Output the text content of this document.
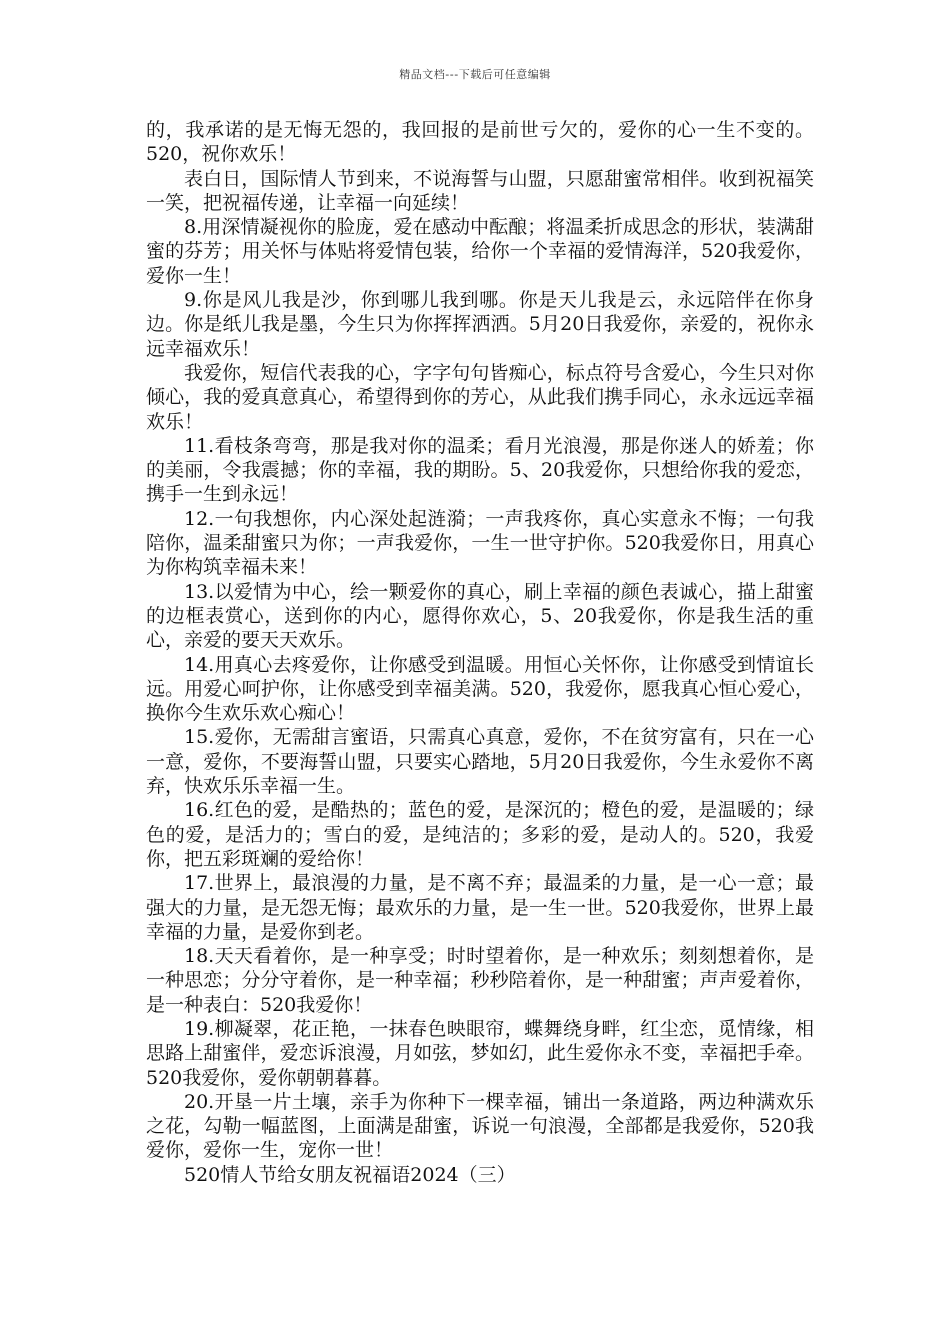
精品文档---下载后可任意编辑

的，我承诺的是无悔无怨的，我回报的是前世亏欠的，爱你的心一生不变的。520，祝你欢乐！

表白日，国际情人节到来，不说海誓与山盟，只愿甜蜜常相伴。收到祝福笑一笑，把祝福传递，让幸福一向延续！

8.用深情凝视你的脸庞，爱在感动中酝酿；将温柔折成思念的形状，装满甜蜜的芬芳；用关怀与体贴将爱情包装，给你一个幸福的爱情海洋，520我爱你，爱你一生！

9.你是风儿我是沙，你到哪儿我到哪。你是天儿我是云，永远陪伴在你身边。你是纸儿我是墨，今生只为你挥挥洒洒。5月20日我爱你，亲爱的，祝你永远幸福欢乐！

我爱你，短信代表我的心，字字句句皆痴心，标点符号含爱心，今生只对你倾心，我的爱真意真心，希望得到你的芳心，从此我们携手同心，永永远远幸福欢乐！

11.看枝条弯弯，那是我对你的温柔；看月光浪漫，那是你迷人的娇羞；你的美丽，令我震撼；你的幸福，我的期盼。5、20我爱你，只想给你我的爱恋，携手一生到永远！

12.一句我想你，内心深处起涟漪；一声我疼你，真心实意永不悔；一句我陪你，温柔甜蜜只为你；一声我爱你，一生一世守护你。520我爱你日，用真心为你构筑幸福未来！

13.以爱情为中心，绘一颗爱你的真心，刷上幸福的颜色表诚心，描上甜蜜的边框表赏心，送到你的内心，愿得你欢心，5、20我爱你，你是我生活的重心，亲爱的要天天欢乐。

14.用真心去疼爱你，让你感受到温暖。用恒心关怀你，让你感受到情谊长远。用爱心呵护你，让你感受到幸福美满。520，我爱你，愿我真心恒心爱心，换你今生欢乐欢心痴心！

15.爱你，无需甜言蜜语，只需真心真意，爱你，不在贫穷富有，只在一心一意，爱你，不要海誓山盟，只要实心踏地，5月20日我爱你，今生永爱你不离弃，快欢乐乐幸福一生。

16.红色的爱，是酷热的；蓝色的爱，是深沉的；橙色的爱，是温暖的；绿色的爱，是活力的；雪白的爱，是纯洁的；多彩的爱，是动人的。520，我爱你，把五彩斑斓的爱给你！

17.世界上，最浪漫的力量，是不离不弃；最温柔的力量，是一心一意；最强大的力量，是无怨无悔；最欢乐的力量，是一生一世。520我爱你，世界上最幸福的力量，是爱你到老。

18.天天看着你，是一种享受；时时望着你，是一种欢乐；刻刻想着你，是一种思恋；分分守着你，是一种幸福；秒秒陪着你，是一种甜蜜；声声爱着你，是一种表白：520我爱你！

19.柳凝翠，花正艳，一抹春色映眼帘，蝶舞绕身畔，红尘恋，觅情缘，相思路上甜蜜伴，爱恋诉浪漫，月如弦，梦如幻，此生爱你永不变，幸福把手牵。520我爱你，爱你朝朝暮暮。

20.开垦一片土壤，亲手为你种下一棵幸福，铺出一条道路，两边种满欢乐之花，勾勒一幅蓝图，上面满是甜蜜，诉说一句浪漫，全部都是我爱你，520我爱你，爱你一生，宠你一世！

520情人节给女朋友祝福语2024（三）
